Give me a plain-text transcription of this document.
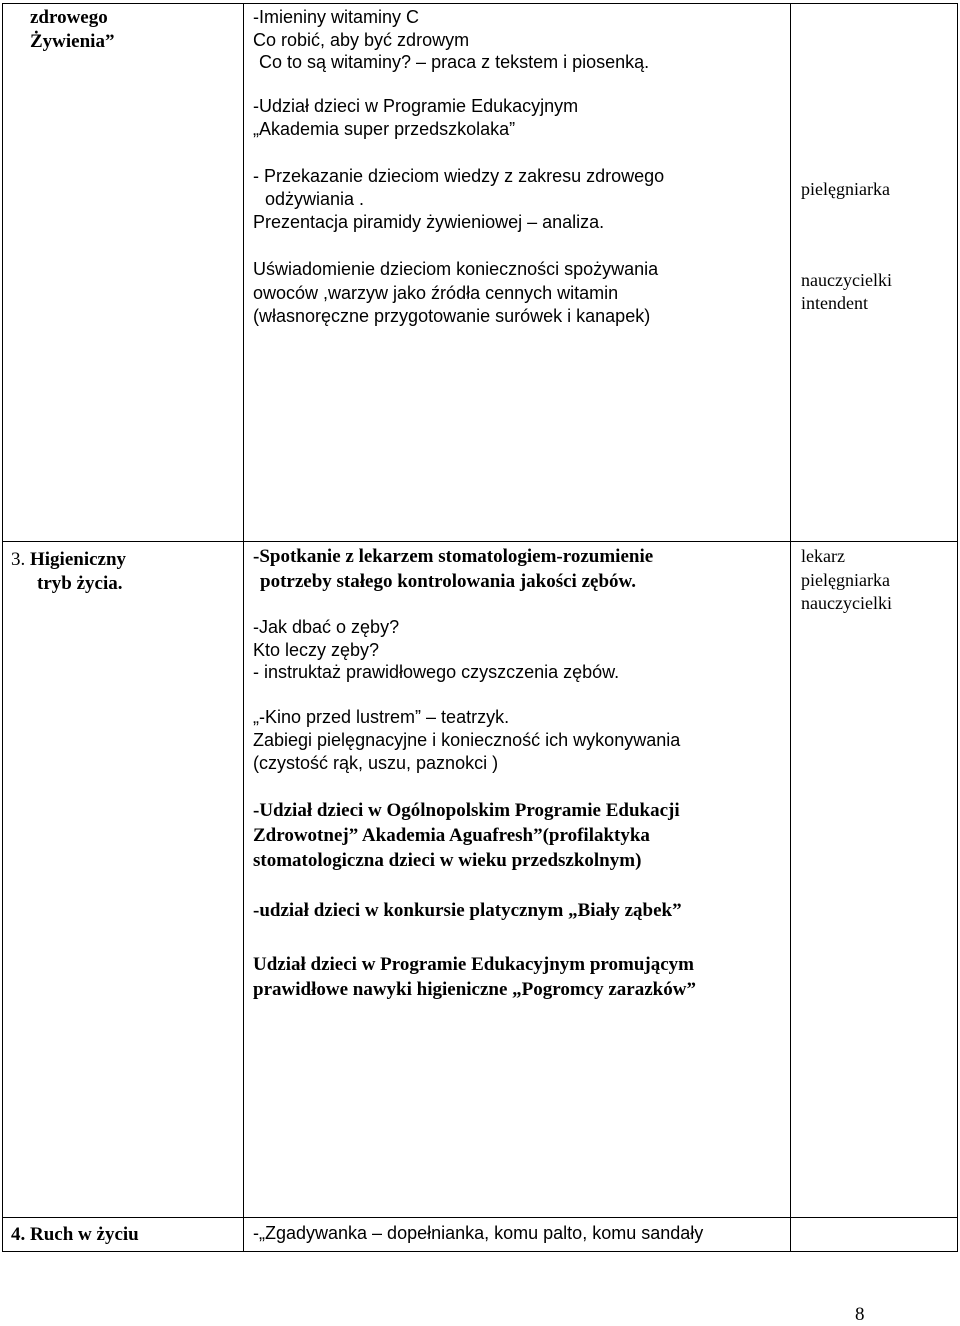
zdrowego
Żywienia”
-Imieniny witaminy C
Co robić, aby być zdrowym
Co to są witaminy? – praca z tekstem i piosenką.
-Udział dzieci w Programie Edukacyjnym
„Akademia super przedszkolaka”
- Przekazanie dzieciom wiedzy z zakresu zdrowego
odżywiania .
Prezentacja piramidy żywieniowej – analiza.
Uświadomienie dzieciom konieczności spożywania
owoców ,warzyw jako źródła cennych witamin
(własnoręczne przygotowanie surówek i kanapek)
pielęgniarka
nauczycielki
intendent
3. Higieniczny
tryb życia.
-Spotkanie z lekarzem stomatologiem-rozumienie
potrzeby stałego kontrolowania jakości zębów.
-Jak dbać o zęby?
Kto leczy zęby?
- instruktaż prawidłowego czyszczenia zębów.
„-Kino przed lustrem” – teatrzyk.
Zabiegi pielęgnacyjne i konieczność ich wykonywania
(czystość rąk, uszu, paznokci )
-Udział dzieci w Ogólnopolskim Programie Edukacji
Zdrowotnej” Akademia Aguafresh”(profilaktyka
stomatologiczna dzieci w wieku przedszkolnym)
-udział dzieci w konkursie platycznym „Biały ząbek”
Udział dzieci w Programie Edukacyjnym promującym
prawidłowe nawyki higieniczne „Pogromcy zarazków”
lekarz
pielęgniarka
nauczycielki
4. Ruch w życiu	-„Zgadywanka – dopełnianka, komu palto, komu sandały
8
